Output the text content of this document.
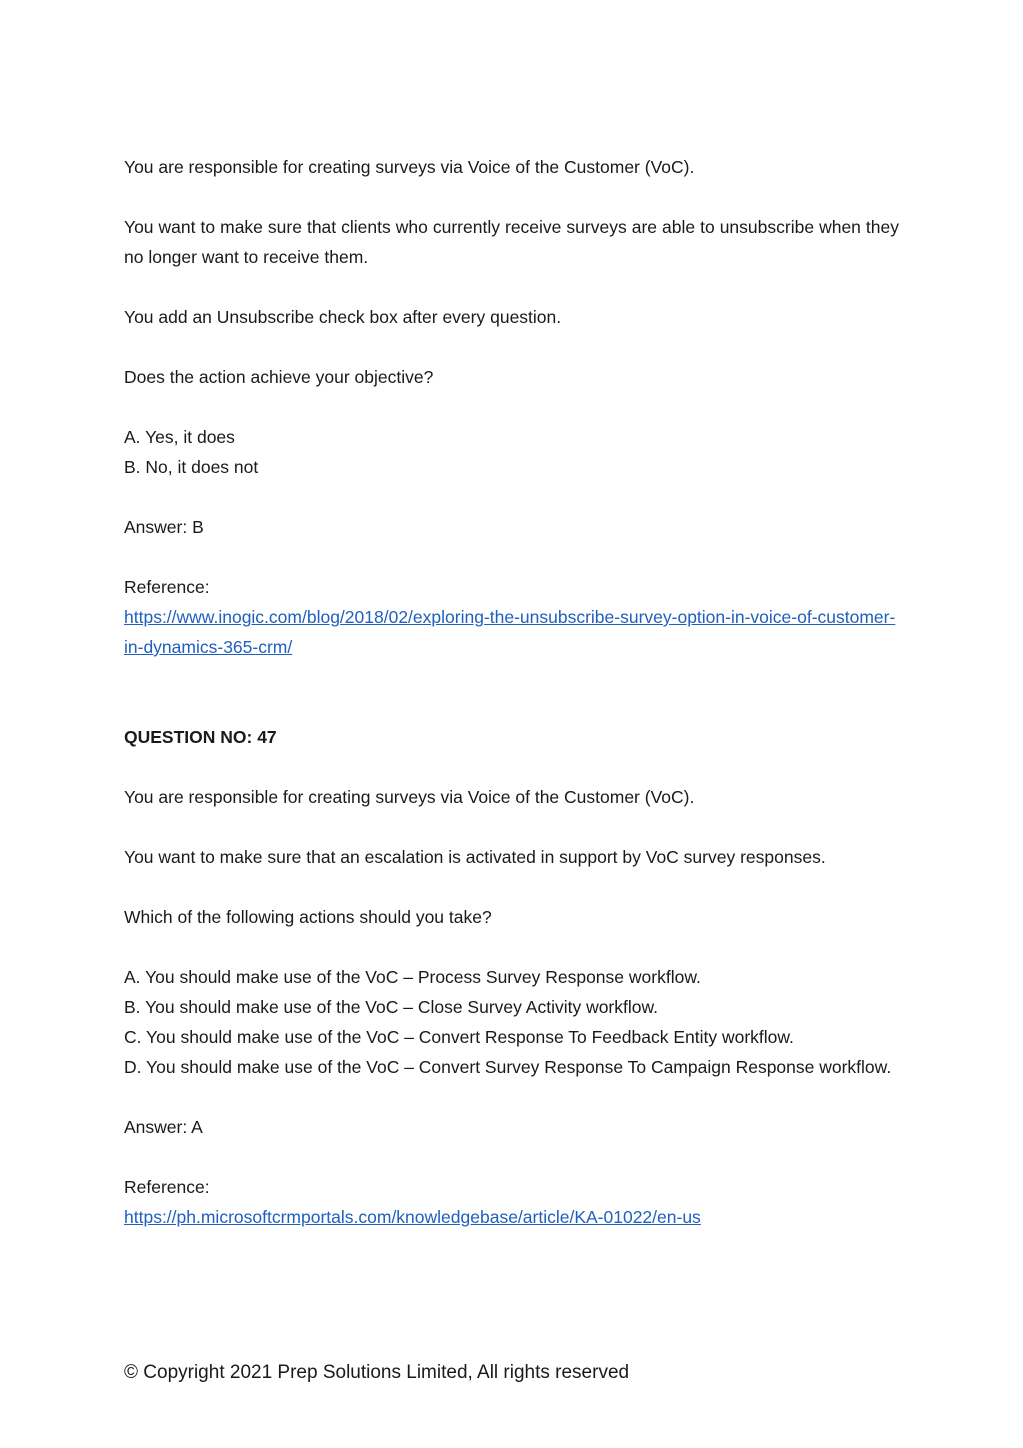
You are responsible for creating surveys via Voice of the Customer (VoC).

You want to make sure that clients who currently receive surveys are able to unsubscribe when they no longer want to receive them.

You add an Unsubscribe check box after every question.

Does the action achieve your objective?

A. Yes, it does
B. No, it does not

Answer: B

Reference:
https://www.inogic.com/blog/2018/02/exploring-the-unsubscribe-survey-option-in-voice-of-customer-in-dynamics-365-crm/

QUESTION NO: 47

You are responsible for creating surveys via Voice of the Customer (VoC).

You want to make sure that an escalation is activated in support by VoC survey responses.

Which of the following actions should you take?

A. You should make use of the VoC – Process Survey Response workflow.
B. You should make use of the VoC – Close Survey Activity workflow.
C. You should make use of the VoC – Convert Response To Feedback Entity workflow.
D. You should make use of the VoC – Convert Survey Response To Campaign Response workflow.

Answer: A

Reference:
https://ph.microsoftcrmportals.com/knowledgebase/article/KA-01022/en-us
© Copyright 2021 Prep Solutions Limited, All rights reserved
